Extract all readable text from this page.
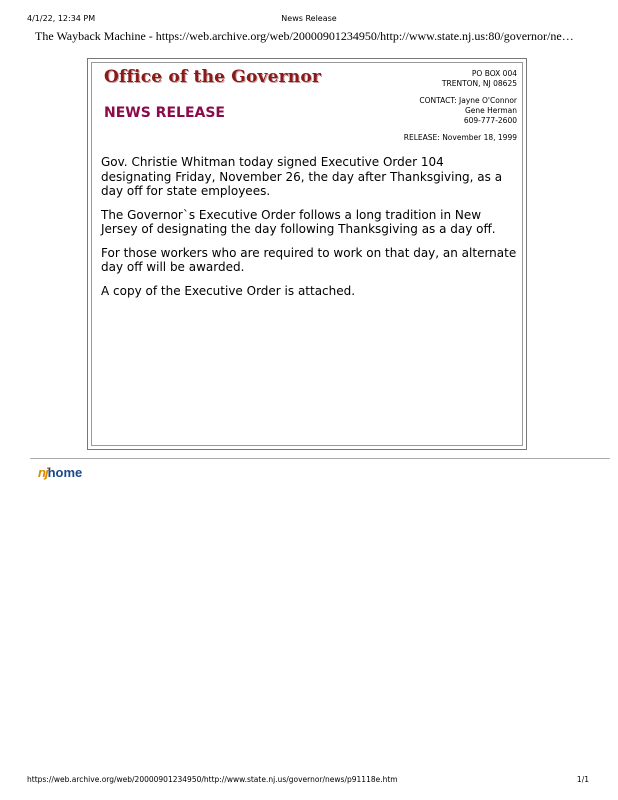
4/1/22, 12:34 PM	News Release
The Wayback Machine - https://web.archive.org/web/20000901234950/http://www.state.nj.us:80/governor/ne…
Office of the Governor
NEWS RELEASE
PO BOX 004
TRENTON, NJ 08625
CONTACT: Jayne O'Connor
Gene Herman
609-777-2600
RELEASE: November 18, 1999

Gov. Christie Whitman today signed Executive Order 104 designating Friday, November 26, the day after Thanksgiving, as a day off for state employees.

The Governor`s Executive Order follows a long tradition in New Jersey of designating the day following Thanksgiving as a day off.

For those workers who are required to work on that day, an alternate day off will be awarded.

A copy of the Executive Order is attached.

nj home
https://web.archive.org/web/20000901234950/http://www.state.nj.us/governor/news/p91118e.htm	1/1
